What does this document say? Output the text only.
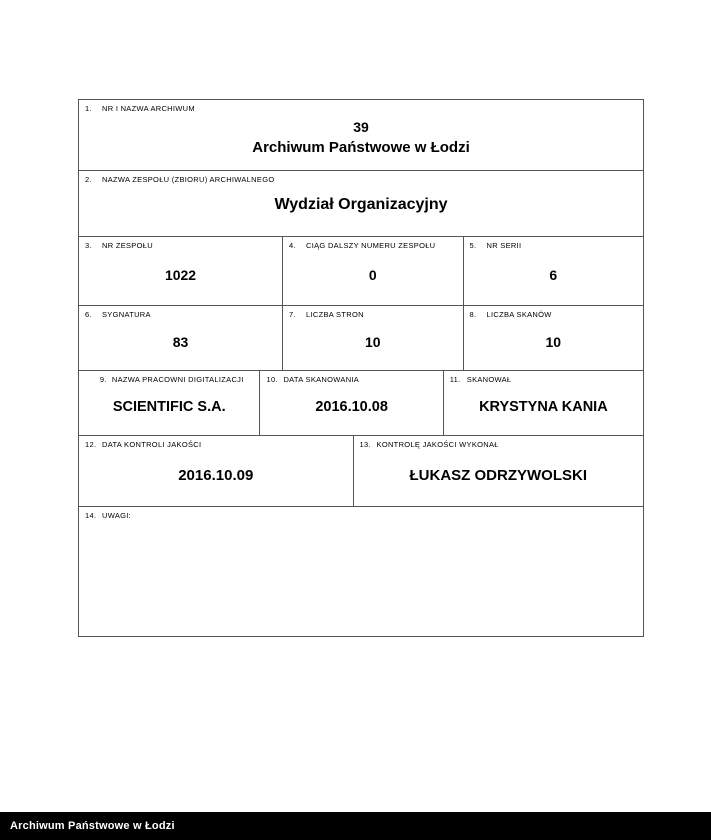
1. NR I NAZWA ARCHIWUM
39
Archiwum Państwowe w Łodzi
2. NAZWA ZESPOŁU (ZBIORU) ARCHIWALNEGO
Wydział Organizacyjny
3. NR ZESPOŁU
1022
4. CIĄG DALSZY NUMERU ZESPOŁU
0
5. NR SERII
6
6. SYGNATURA
83
7. LICZBA STRON
10
8. LICZBA SKANÓW
10
9. NAZWA PRACOWNI DIGITALIZACJI
SCIENTIFIC S.A.
10. DATA SKANOWANIA
2016.10.08
11. SKANOWAŁ
KRYSTYNA KANIA
12. DATA KONTROLI JAKOŚCI
2016.10.09
13. KONTROLĘ JAKOŚCI WYKONAŁ
ŁUKASZ ODRZYWOLSKI
14. UWAGI:
Archiwum Państwowe w Łodzi
